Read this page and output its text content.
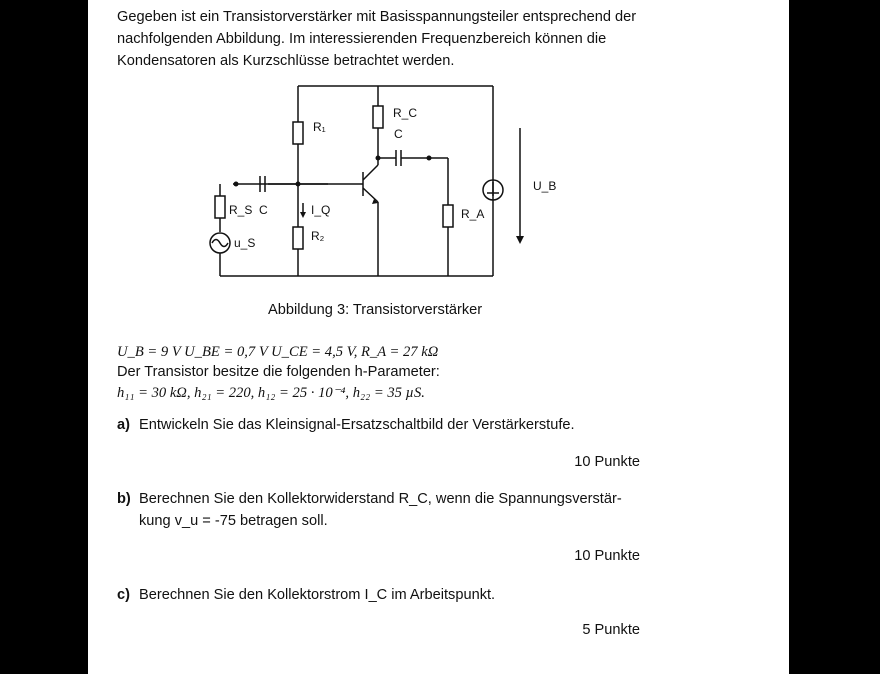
Gegeben ist ein Transistorverstärker mit Basisspannungsteiler entsprechend der nachfolgenden Abbildung. Im interessierenden Frequenzbereich können die Kondensatoren als Kurzschlüsse betrachtet werden.
R₁
R_C
C
R_S C	I_Q
R₂
R_A
u_S
U_B
Abbildung 3: Transistorverstärker
U_B = 9 V U_BE = 0,7 V U_CE = 4,5 V, R_A = 27 kΩ
Der Transistor besitze die folgenden h-Parameter:
h₁₁ = 30 kΩ, h₂₁ = 220, h₁₂ = 25 · 10⁻⁴, h₂₂ = 35 µS.
a) Entwickeln Sie das Kleinsignal-Ersatzschaltbild der Verstärkerstufe.
10 Punkte
b) Berechnen Sie den Kollektorwiderstand R_C, wenn die Spannungsverstär- kung v_u = -75 betragen soll.
10 Punkte
c) Berechnen Sie den Kollektorstrom I_C im Arbeitspunkt.
5 Punkte
